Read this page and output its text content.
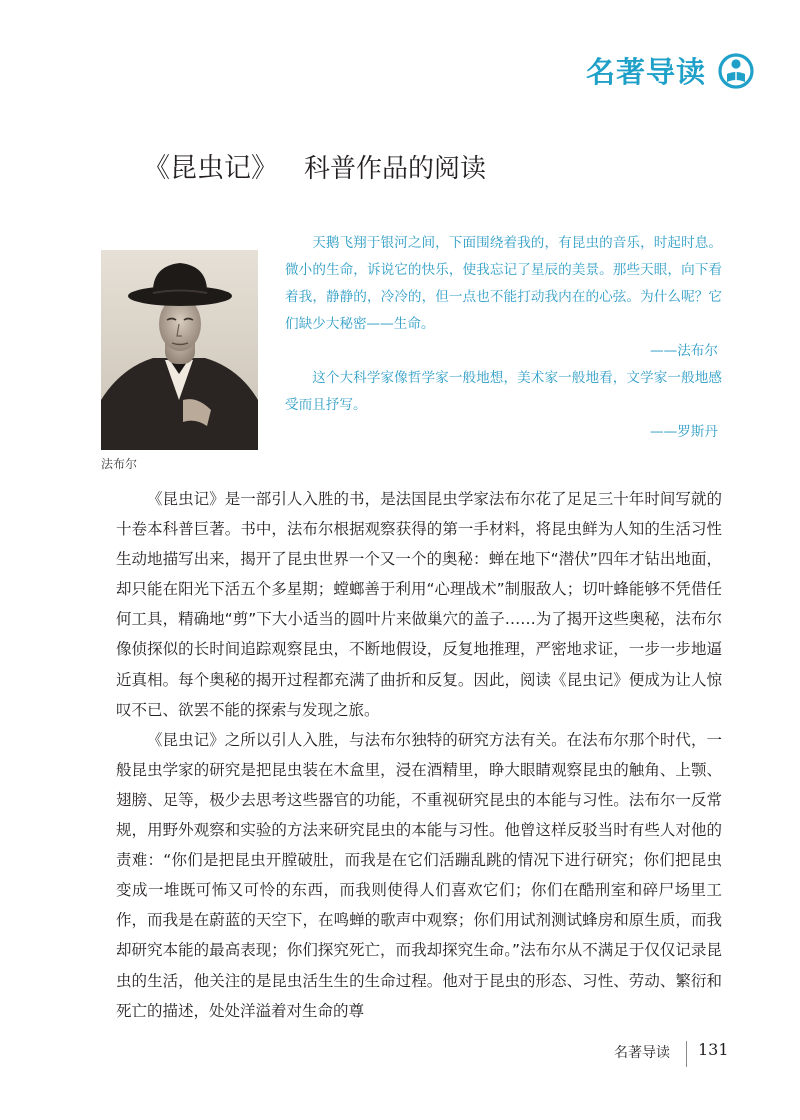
名著导读
《昆虫记》 科普作品的阅读
法布尔

天鹅飞翔于银河之间，下面围绕着我的，有昆虫的音乐，时起时息。微小的生命，诉说它的快乐，使我忘记了星辰的美景。那些天眼，向下看着我，静静的，冷冷的，但一点也不能打动我内在的心弦。为什么呢？它们缺少大秘密——生命。

——法布尔

这个大科学家像哲学家一般地想，美术家一般地看，文学家一般地感受而且抒写。

——罗斯丹

《昆虫记》是一部引人入胜的书，是法国昆虫学家法布尔花了足足三十年时间写就的十卷本科普巨著。书中，法布尔根据观察获得的第一手材料，将昆虫鲜为人知的生活习性生动地描写出来，揭开了昆虫世界一个又一个的奥秘：蝉在地下“潜伏”四年才钻出地面，却只能在阳光下活五个多星期；螳螂善于利用“心理战术”制服敌人；切叶蜂能够不凭借任何工具，精确地“剪”下大小适当的圆叶片来做巢穴的盖子……为了揭开这些奥秘，法布尔像侦探似的长时间追踪观察昆虫，不断地假设，反复地推理，严密地求证，一步一步地逼近真相。每个奥秘的揭开过程都充满了曲折和反复。因此，阅读《昆虫记》便成为让人惊叹不已、欲罢不能的探索与发现之旅。

《昆虫记》之所以引人入胜，与法布尔独特的研究方法有关。在法布尔那个时代，一般昆虫学家的研究是把昆虫装在木盒里，浸在酒精里，睁大眼睛观察昆虫的触角、上颚、翅膀、足等，极少去思考这些器官的功能，不重视研究昆虫的本能与习性。法布尔一反常规，用野外观察和实验的方法来研究昆虫的本能与习性。他曾这样反驳当时有些人对他的责难：“你们是把昆虫开膛破肚，而我是在它们活蹦乱跳的情况下进行研究；你们把昆虫变成一堆既可怖又可怜的东西，而我则使得人们喜欢它们；你们在酷刑室和碎尸场里工作，而我是在蔚蓝的天空下，在鸣蝉的歌声中观察；你们用试剂测试蜂房和原生质，而我却研究本能的最高表现；你们探究死亡，而我却探究生命。”法布尔从不满足于仅仅记录昆虫的生活，他关注的是昆虫活生生的生命过程。他对于昆虫的形态、习性、劳动、繁衍和死亡的描述，处处洋溢着对生命的尊

名著导读 131
